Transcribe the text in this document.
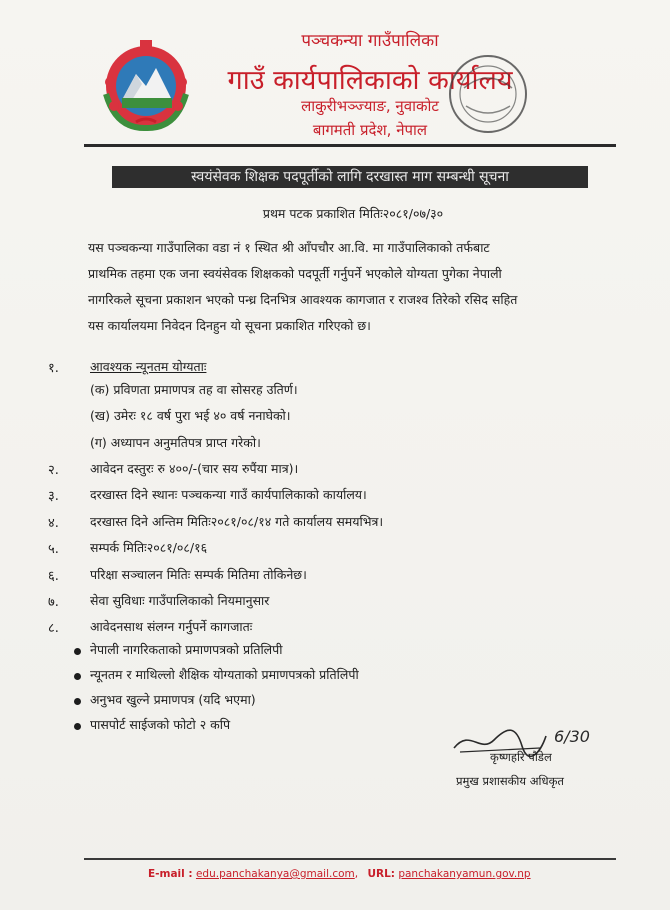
पञ्चकन्या गाउँपालिका
गाउँ कार्यपालिकाको कार्यालय
लाकुरीभञ्ज्याङ, नुवाकोट
बागमती प्रदेश, नेपाल
स्वयंसेवक शिक्षक पदपूर्तीको लागि दरखास्त माग सम्बन्धी सूचना
प्रथम पटक प्रकाशित मितिः२०८१/०७/३०
यस पञ्चकन्या गाउँपालिका वडा नं १ स्थित श्री आँपचौर आ.वि. मा गाउँपालिकाको तर्फबाट
प्राथमिक तहमा एक जना स्वयंसेवक शिक्षकको पदपूर्ती गर्नुपर्ने भएकोले योग्यता पुगेका नेपाली
नागरिकले सूचना प्रकाशन भएको पन्ध्र दिनभित्र आवश्यक कागजात र राजश्व तिरेको रसिद सहित
यस कार्यालयमा निवेदन दिनहुन यो सूचना प्रकाशित गरिएको छ।
१.	आवश्यक न्यूनतम योग्यताः
(क) प्रविणता प्रमाणपत्र तह वा सोसरह उतिर्ण।
(ख) उमेरः १८ वर्ष पुरा भई ४० वर्ष ननाघेको।
(ग) अध्यापन अनुमतिपत्र प्राप्त गरेको।
२.	आवेदन दस्तुरः रु ४००/-(चार सय रुपैंया मात्र)।
३.	दरखास्त दिने स्थानः पञ्चकन्या गाउँ कार्यपालिकाको कार्यालय।
४.	दरखास्त दिने अन्तिम मितिः२०८१/०८/१४ गते कार्यालय समयभित्र।
५.	सम्पर्क मितिः२०८१/०८/१६
६.	परिक्षा सञ्चालन मितिः सम्पर्क मितिमा तोकिनेछ।
७.	सेवा सुविधाः गाउँपालिकाको नियमानुसार
८.	आवेदनसाथ संलग्न गर्नुपर्ने कागजातः
नेपाली नागरिकताको प्रमाणपत्रको प्रतिलिपी
न्यूनतम र माथिल्लो शैक्षिक योग्यताको प्रमाणपत्रको प्रतिलिपी
अनुभव खुल्ने प्रमाणपत्र (यदि भएमा)
पासपोर्ट साईजको फोटो २ कपि
6/30
कृष्णहरि पौडेल
प्रमुख प्रशासकीय अधिकृत
E-mail : edu.panchakanya@gmail.com, URL: panchakanyamun.gov.np
